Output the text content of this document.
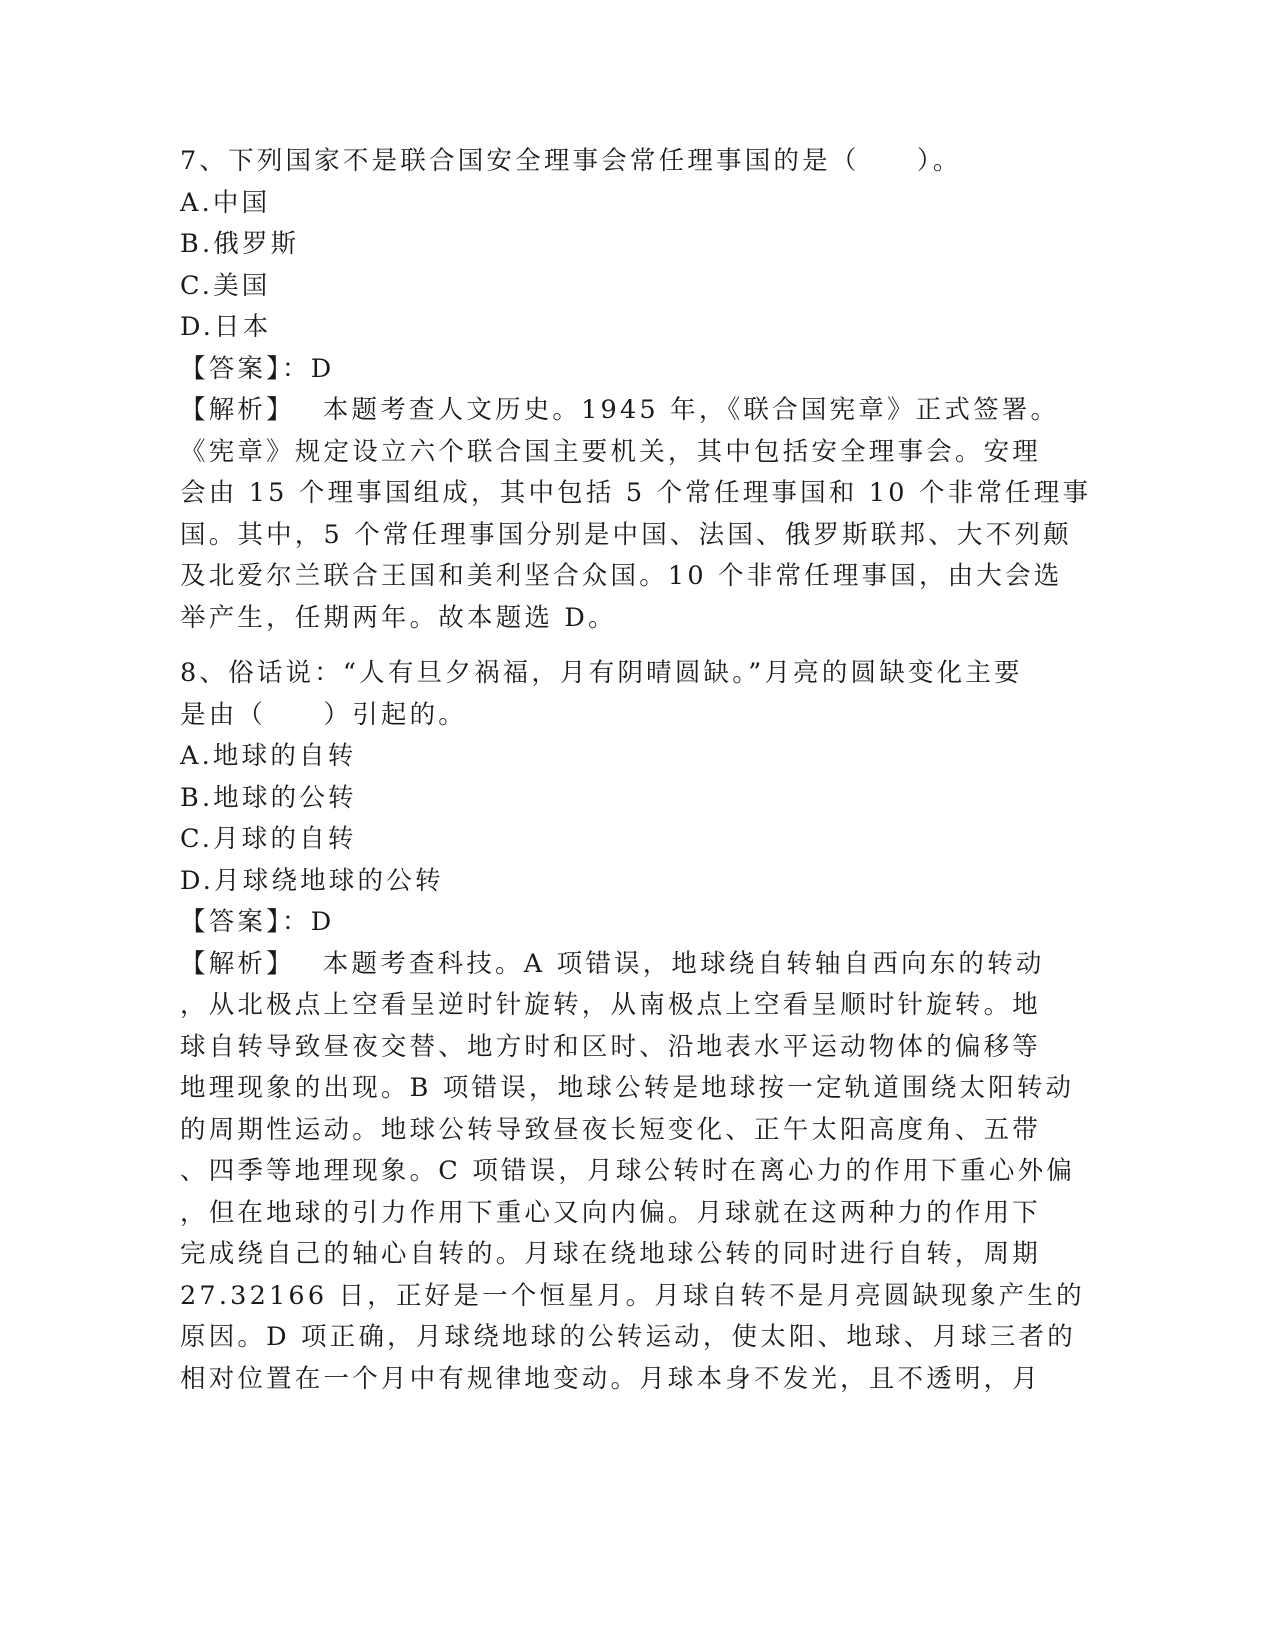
7、下列国家不是联合国安全理事会常任理事国的是（　　）。
A.中国
B.俄罗斯
C.美国
D.日本
【答案】：D
【解析】 本题考查人文历史。1945 年，《联合国宪章》正式签署。
《宪章》规定设立六个联合国主要机关，其中包括安全理事会。安理
会由 15 个理事国组成，其中包括 5 个常任理事国和 10 个非常任理事
国。其中，5 个常任理事国分别是中国、法国、俄罗斯联邦、大不列颠
及北爱尔兰联合王国和美利坚合众国。10 个非常任理事国，由大会选
举产生，任期两年。故本题选 D。
8、俗话说：“人有旦夕祸福，月有阴晴圆缺。”月亮的圆缺变化主要
是由（　　）引起的。
A.地球的自转
B.地球的公转
C.月球的自转
D.月球绕地球的公转
【答案】：D
【解析】 本题考查科技。A 项错误，地球绕自转轴自西向东的转动
，从北极点上空看呈逆时针旋转，从南极点上空看呈顺时针旋转。地
球自转导致昼夜交替、地方时和区时、沿地表水平运动物体的偏移等
地理现象的出现。B 项错误，地球公转是地球按一定轨道围绕太阳转动
的周期性运动。地球公转导致昼夜长短变化、正午太阳高度角、五带
、四季等地理现象。C 项错误，月球公转时在离心力的作用下重心外偏
，但在地球的引力作用下重心又向内偏。月球就在这两种力的作用下
完成绕自己的轴心自转的。月球在绕地球公转的同时进行自转，周期
27.32166 日，正好是一个恒星月。月球自转不是月亮圆缺现象产生的
原因。D 项正确，月球绕地球的公转运动，使太阳、地球、月球三者的
相对位置在一个月中有规律地变动。月球本身不发光，且不透明，月
